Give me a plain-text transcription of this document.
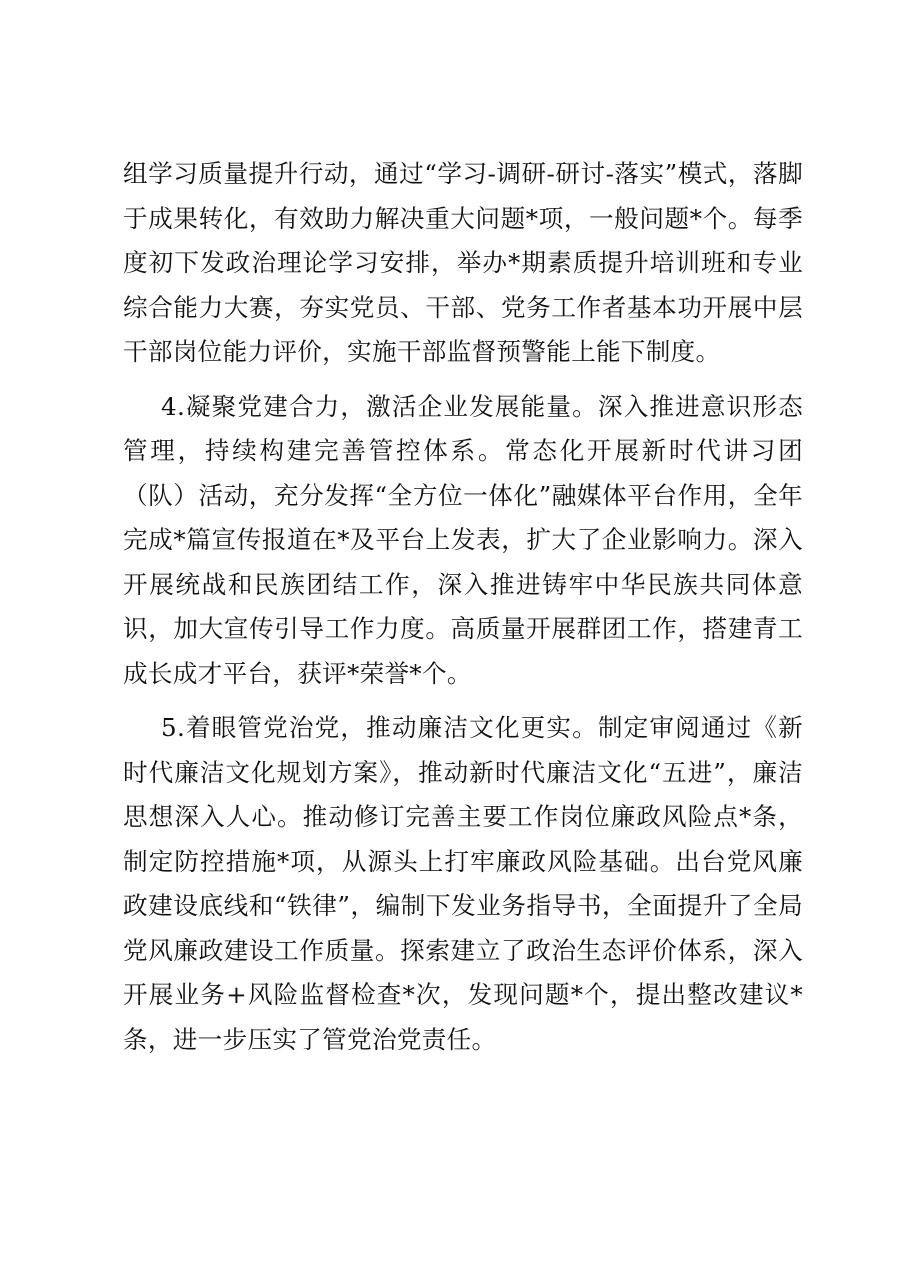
组学习质量提升行动，通过“学习-调研-研讨-落实”模式，落脚于成果转化，有效助力解决重大问题*项，一般问题*个。每季度初下发政治理论学习安排，举办*期素质提升培训班和专业综合能力大赛，夯实党员、干部、党务工作者基本功开展中层干部岗位能力评价，实施干部监督预警能上能下制度。

4.凝聚党建合力，激活企业发展能量。深入推进意识形态管理，持续构建完善管控体系。常态化开展新时代讲习团（队）活动，充分发挥“全方位一体化”融媒体平台作用，全年完成*篇宣传报道在*及平台上发表，扩大了企业影响力。深入开展统战和民族团结工作，深入推进铸牢中华民族共同体意识，加大宣传引导工作力度。高质量开展群团工作，搭建青工成长成才平台，获评*荣誉*个。

5.着眼管党治党，推动廉洁文化更实。制定审阅通过《新时代廉洁文化规划方案》，推动新时代廉洁文化“五进”，廉洁思想深入人心。推动修订完善主要工作岗位廉政风险点*条，制定防控措施*项，从源头上打牢廉政风险基础。出台党风廉政建设底线和“铁律”，编制下发业务指导书，全面提升了全局党风廉政建设工作质量。探索建立了政治生态评价体系，深入开展业务+风险监督检查*次，发现问题*个，提出整改建议*条，进一步压实了管党治党责任。
